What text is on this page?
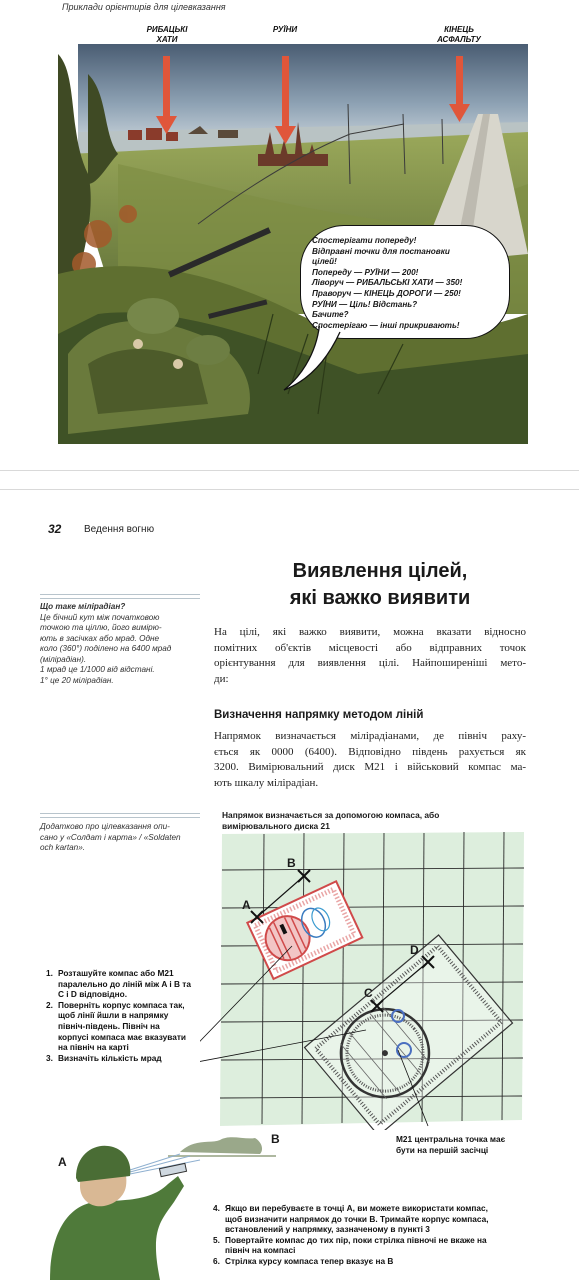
Приклади орієнтирів для цілевказання
РИБАЦЬКІ
ХАТИ
РУЇНИ	КІНЕЦЬ
АСФАЛЬТУ
Спостерігати попереду!
Відправні точки для постановки
цілей!
Попереду — РУЇНИ — 200!
Ліворуч — РИБАЛЬСЬКІ ХАТИ — 350!
Праворуч — КІНЕЦЬ ДОРОГИ — 250!
РУЇНИ — Ціль! Відстань?
Бачите?
Спостерігаю — інші прикривають!
32 Ведення вогню
Виявлення цілей,
які важко виявити
Що таке мілірадіан?
Це бічний кут між початковою
точкою та ціллю, його вимірю-
ють в засічках або мрад. Одне
коло (360°) поділено на 6400 мрад
(мілірадіан).
1 мрад це 1/1000 від відстані.
1° це 20 мілірадіан.
Додатково про цілевказання опи-
сано у «Солдат і карта» / «Soldaten
och kartan».
На цілі, які важко виявити, можна вказати відносно
помітних об'єктів місцевості або відправних точок
орієнтування для виявлення цілі. Найпоширеніші мето-
ди:
Визначення напрямку методом ліній
Напрямок визначається мілірадіанами, де північ раху-
ється як 0000 (6400). Відповідно південь рахується як
3200. Вимірювальний диск M21 і військовий компас ма-
ють шкалу мілірадіан.
Напрямок визначається за допомогою компаса, або
вимірювального диска 21
A
B
C
D
1. Розташуйте компас або M21
паралельно до ліній між A і B та
C і D відповідно.
2. Поверніть корпус компаса так,
щоб лінії йшли в напрямку
північ-південь. Північ на
корпусі компаса має вказувати
на північ на карті
3. Визначіть кількість мрад
M21 центральна точка має
бути на першій засічці
A
B
4. Якщо ви перебуваєте в точці A, ви можете використати компас,
щоб визначити напрямок до точки B. Тримайте корпус компаса,
встановлений у напрямку, зазначеному в пункті 3
5. Повертайте компас до тих пір, поки стрілка півночі не вкаже на
північ на компасі
6. Стрілка курсу компаса тепер вказує на B
